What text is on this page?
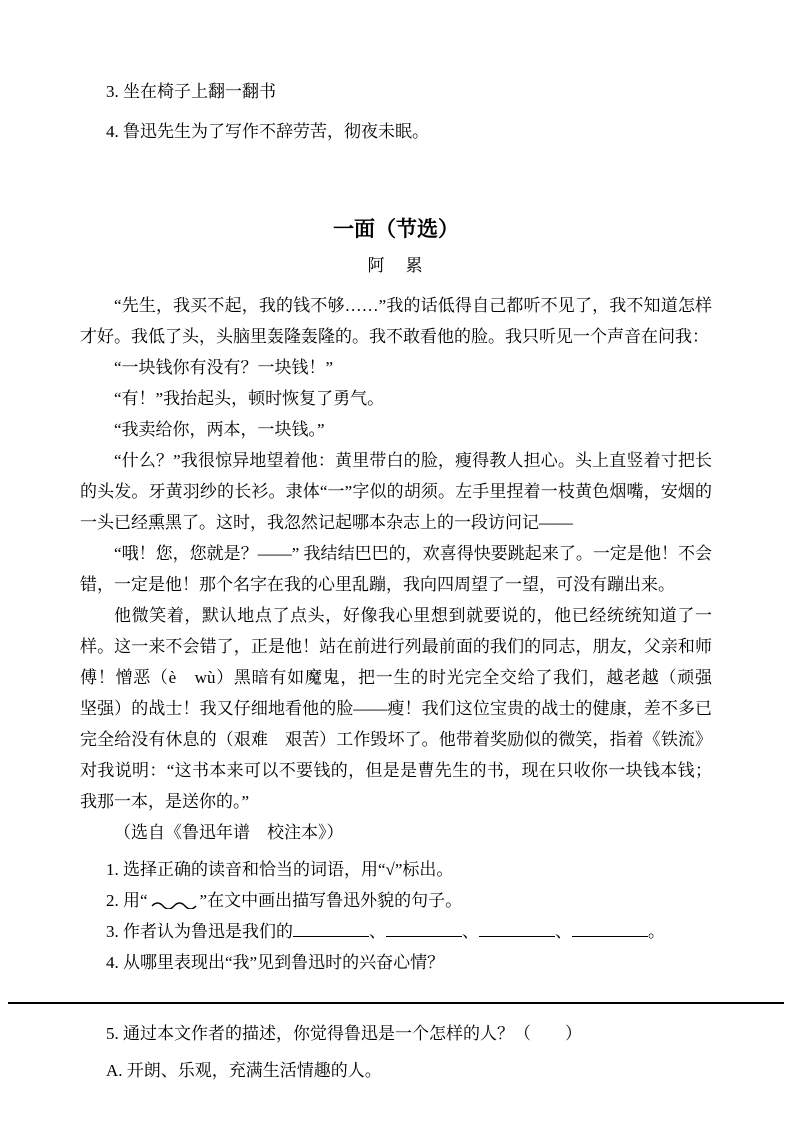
3. 坐在椅子上翻一翻书
4. 鲁迅先生为了写作不辞劳苦，彻夜未眠。
一面（节选）
阿　累

“先生，我买不起，我的钱不够……”我的话低得自己都听不见了，我不知道怎样才好。我低了头，头脑里轰隆轰隆的。我不敢看他的脸。我只听见一个声音在问我：

“一块钱你有没有？一块钱！”

“有！”我抬起头，顿时恢复了勇气。

“我卖给你，两本，一块钱。”

“什么？”我很惊异地望着他：黄里带白的脸，瘦得教人担心。头上直竖着寸把长的头发。牙黄羽纱的长衫。隶体“一”字似的胡须。左手里捏着一枝黄色烟嘴，安烟的一头已经熏黑了。这时，我忽然记起哪本杂志上的一段访问记——

“哦！您，您就是？——” 我结结巴巴的，欢喜得快要跳起来了。一定是他！不会错，一定是他！那个名字在我的心里乱蹦，我向四周望了一望，可没有蹦出来。

他微笑着，默认地点了点头，好像我心里想到就要说的，他已经统统知道了一样。这一来不会错了，正是他！站在前进行列最前面的我们的同志，朋友，父亲和师傅！憎恶（è　wù）黑暗有如魔鬼，把一生的时光完全交给了我们，越老越（顽强　坚强）的战士！我又仔细地看他的脸——瘦！我们这位宝贵的战士的健康，差不多已完全给没有休息的（艰难　艰苦）工作毁坏了。他带着奖励似的微笑，指着《铁流》对我说明：“这书本来可以不要钱的，但是是曹先生的书，现在只收你一块钱本钱；我那一本，是送你的。”

（选自《鲁迅年谱　校注本》）

1. 选择正确的读音和恰当的词语，用“√”标出。

2. 用“	”在文中画出描写鲁迅外貌的句子。

3. 作者认为鲁迅是我们的	、	、	、	。

4. 从哪里表现出“我”见到鲁迅时的兴奋心情？

5. 通过本文作者的描述，你觉得鲁迅是一个怎样的人？（　　）

A. 开朗、乐观，充满生活情趣的人。
